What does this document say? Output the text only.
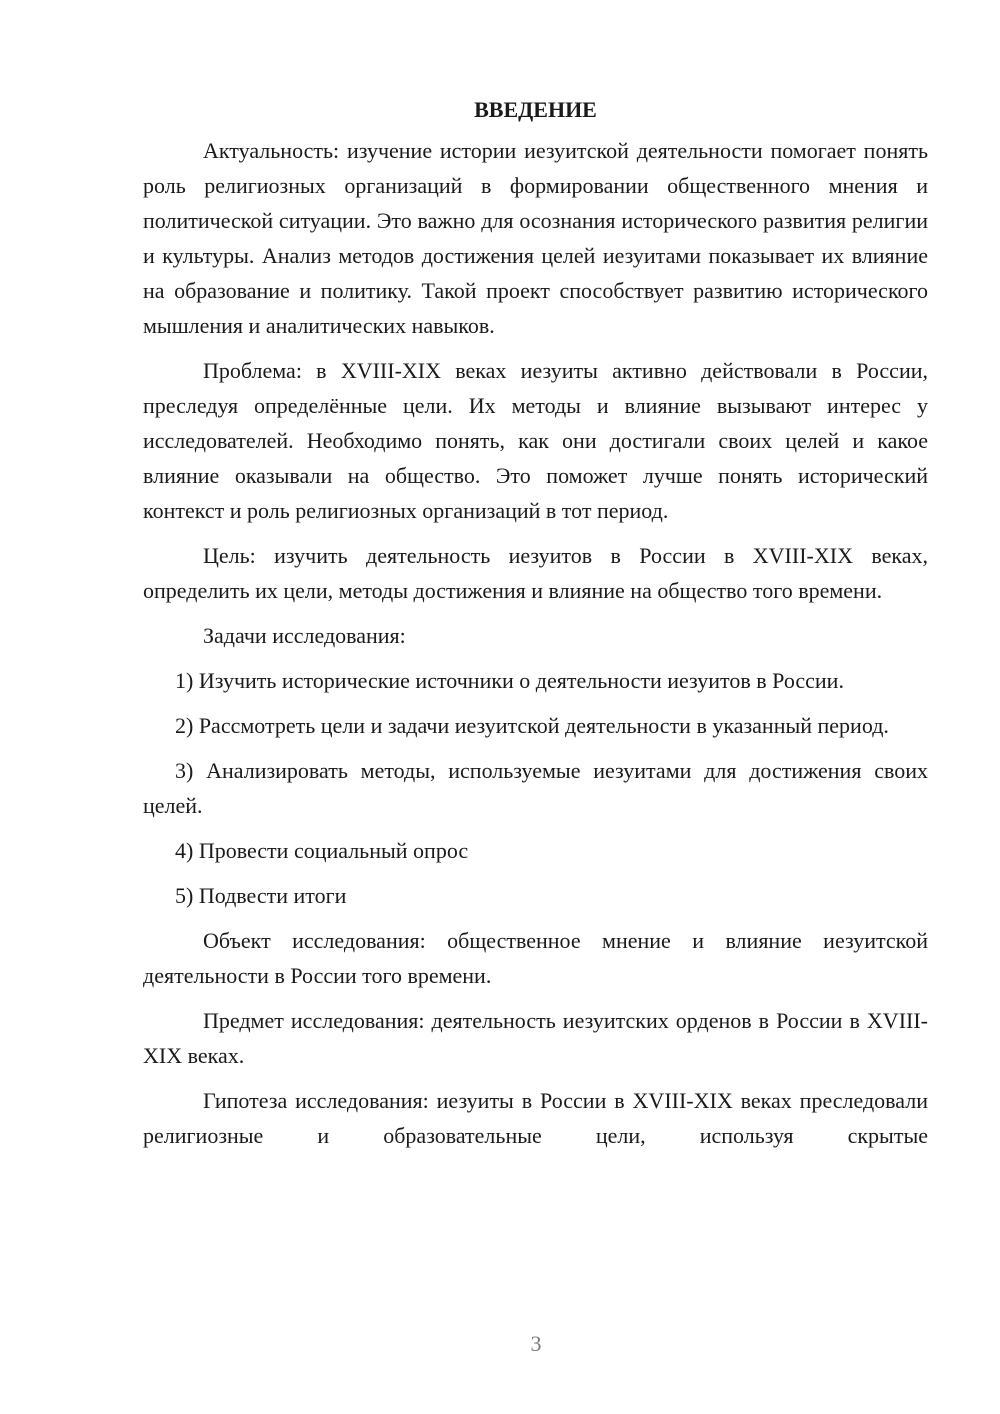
ВВЕДЕНИЕ

Актуальность: изучение истории иезуитской деятельности помогает понять роль религиозных организаций в формировании общественного мнения и политической ситуации. Это важно для осознания исторического развития религии и культуры. Анализ методов достижения целей иезуитами показывает их влияние на образование и политику. Такой проект способствует развитию исторического мышления и аналитических навыков.

Проблема: в XVIII-XIX веках иезуиты активно действовали в России, преследуя определённые цели. Их методы и влияние вызывают интерес у исследователей. Необходимо понять, как они достигали своих целей и какое влияние оказывали на общество. Это поможет лучше понять исторический контекст и роль религиозных организаций в тот период.

Цель: изучить деятельность иезуитов в России в XVIII-XIX веках, определить их цели, методы достижения и влияние на общество того времени.

Задачи исследования:

1) Изучить исторические источники о деятельности иезуитов в России.

2) Рассмотреть цели и задачи иезуитской деятельности в указанный период.

3) Анализировать методы, используемые иезуитами для достижения своих целей.

4) Провести социальный опрос

5) Подвести итоги

Объект исследования: общественное мнение и влияние иезуитской деятельности в России того времени.

Предмет исследования: деятельность иезуитских орденов в России в XVIII-XIX веках.

Гипотеза исследования: иезуиты в России в XVIII-XIX веках преследовали религиозные и образовательные цели, используя скрытые

3
